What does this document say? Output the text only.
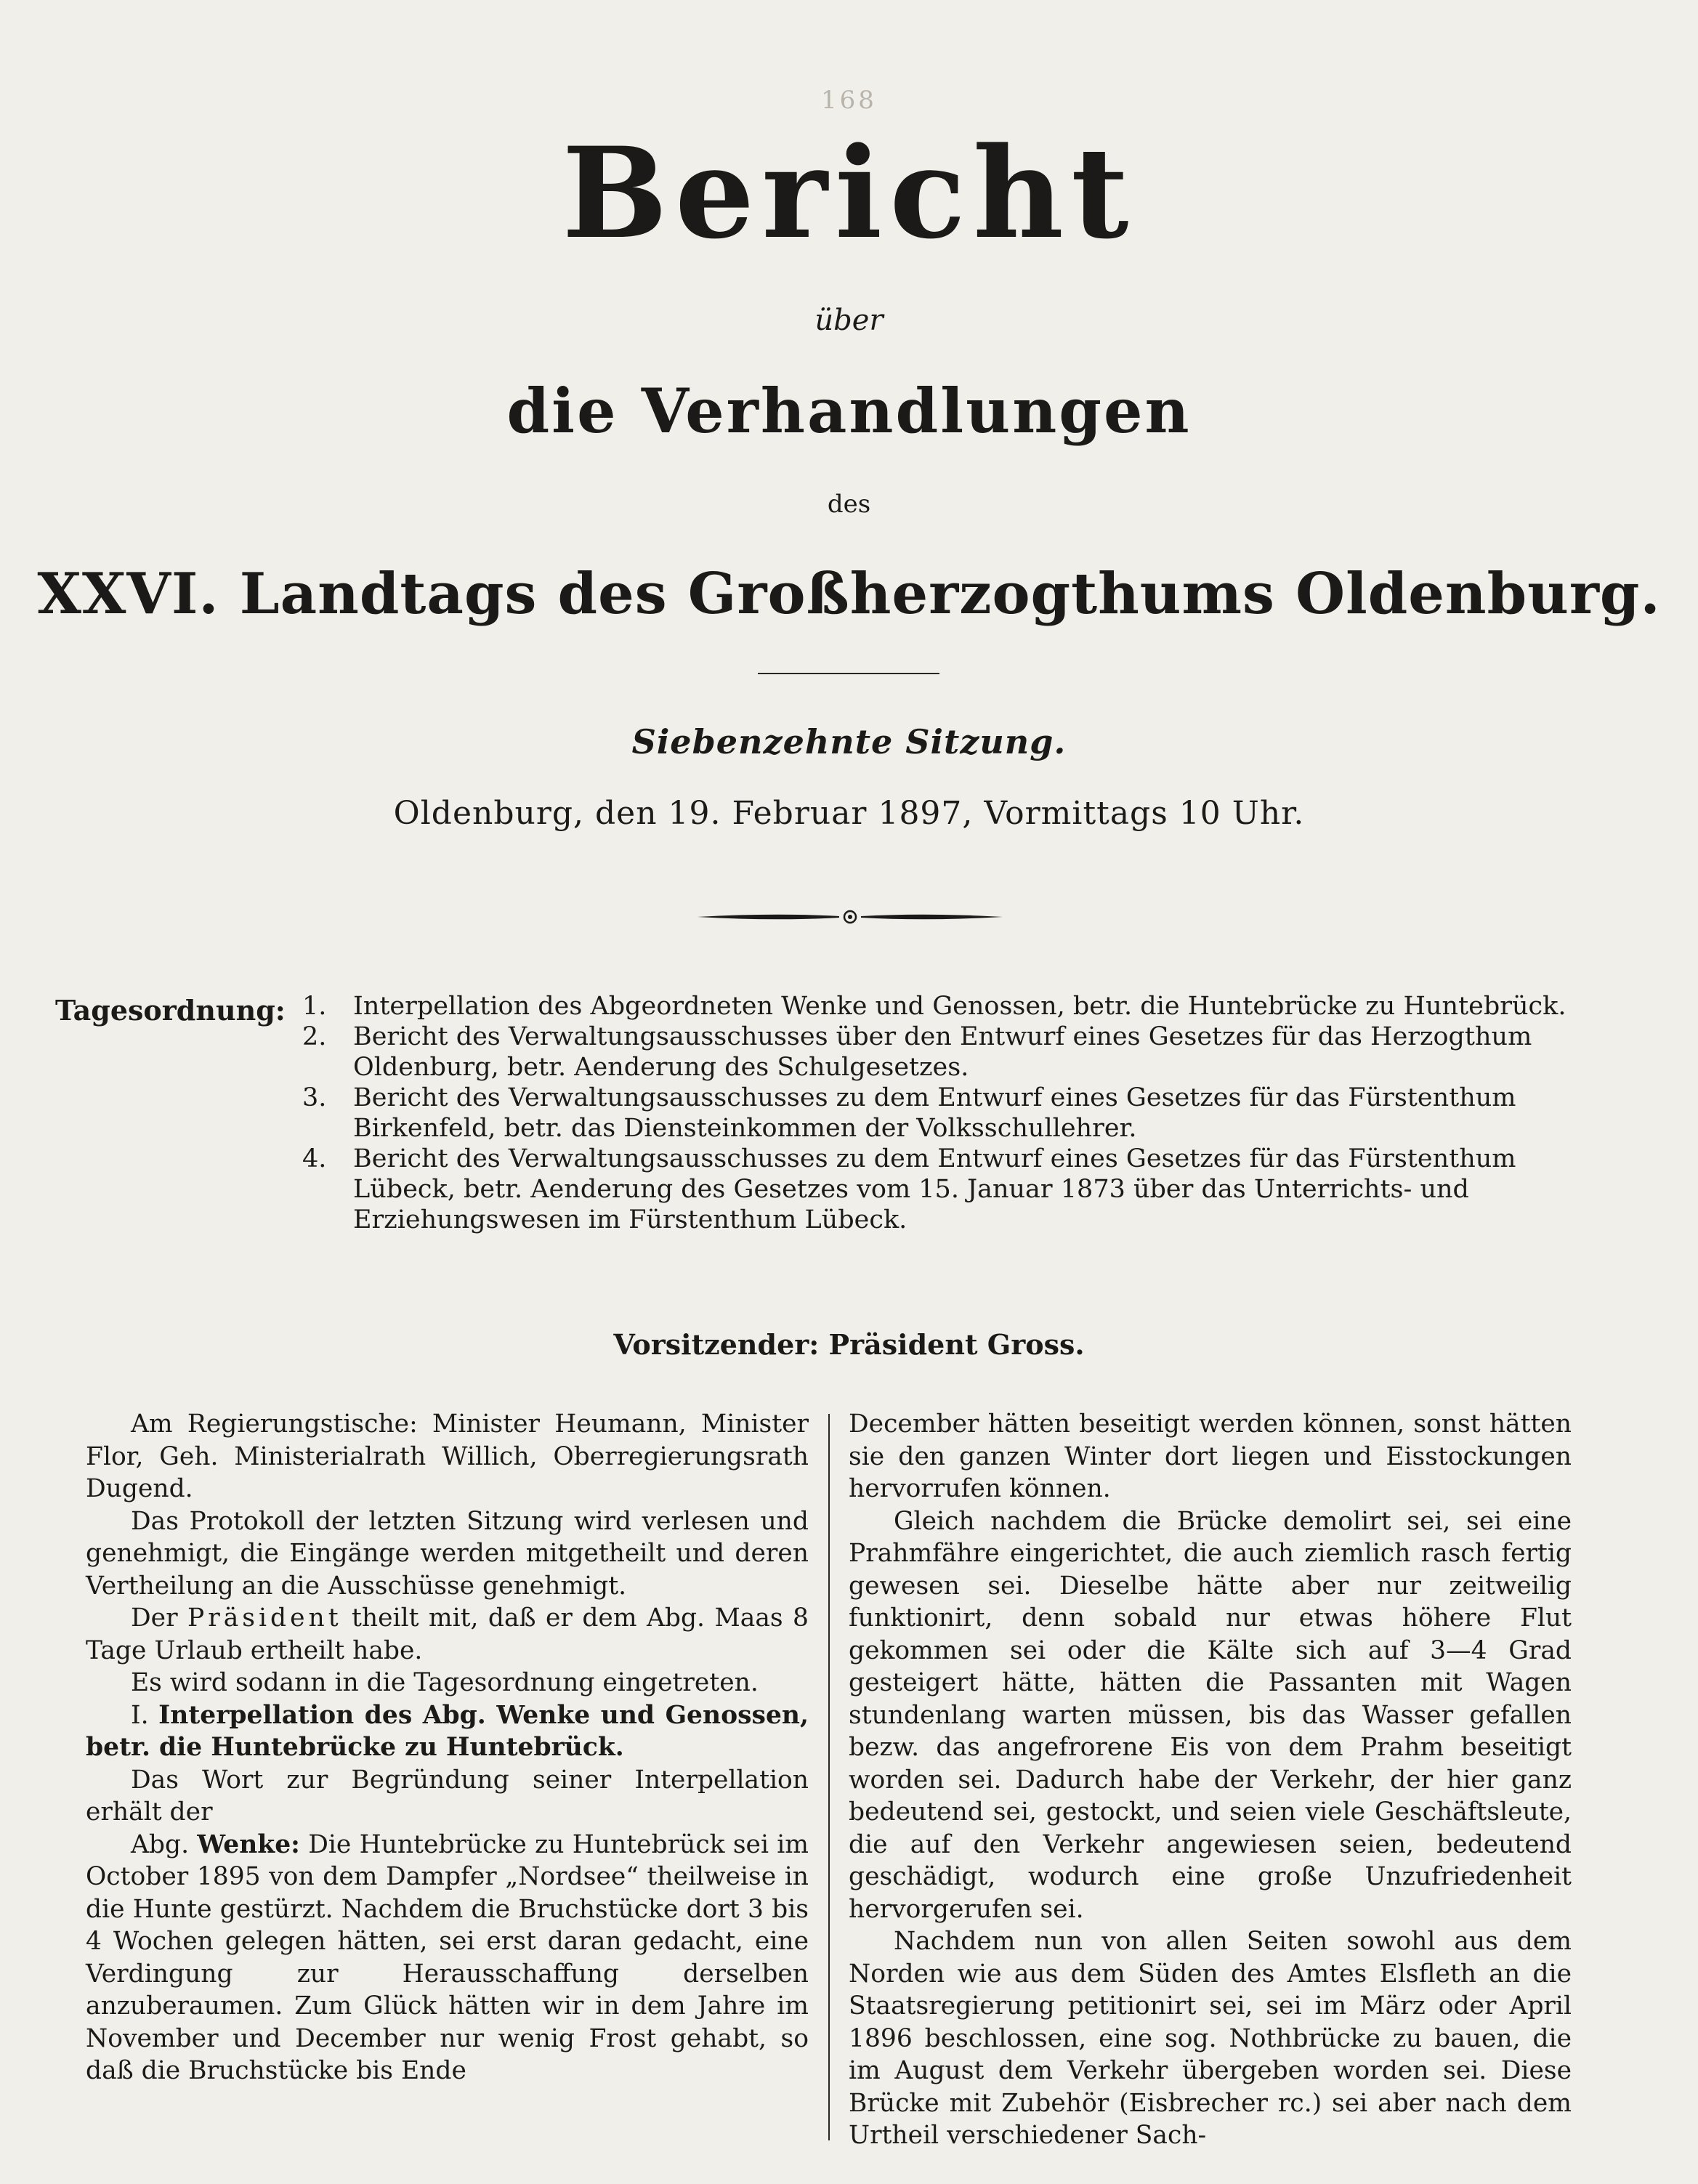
168
Bericht
über
die Verhandlungen
des
XXVI. Landtags des Großherzogthums Oldenburg.
Siebenzehnte Sitzung.
Oldenburg, den 19. Februar 1897, Vormittags 10 Uhr.
Tagesordnung: 1. Interpellation des Abgeordneten Wenke und Genossen, betr. die Huntebrücke zu Huntebrück.
2. Bericht des Verwaltungsausschusses über den Entwurf eines Gesetzes für das Herzogthum Oldenburg, betr. Aenderung des Schulgesetzes.
3. Bericht des Verwaltungsausschusses zu dem Entwurf eines Gesetzes für das Fürstenthum Birkenfeld, betr. das Diensteinkommen der Volksschullehrer.
4. Bericht des Verwaltungsausschusses zu dem Entwurf eines Gesetzes für das Fürstenthum Lübeck, betr. Aenderung des Gesetzes vom 15. Januar 1873 über das Unterrichts- und Erziehungswesen im Fürstenthum Lübeck.
Vorsitzender: Präsident Gross.

Am Regierungstische: Minister Heumann, Minister Flor, Geh. Ministerialrath Willich, Oberregierungsrath Dugend.

Das Protokoll der letzten Sitzung wird verlesen und genehmigt, die Eingänge werden mitgetheilt und deren Vertheilung an die Ausschüsse genehmigt.

Der Präsident theilt mit, daß er dem Abg. Maas 8 Tage Urlaub ertheilt habe.

Es wird sodann in die Tagesordnung eingetreten.

I. Interpellation des Abg. Wenke und Genossen, betr. die Huntebrücke zu Huntebrück.

Das Wort zur Begründung seiner Interpellation erhält der

Abg. Wenke: Die Huntebrücke zu Huntebrück sei im October 1895 von dem Dampfer „Nordsee“ theilweise in die Hunte gestürzt. Nachdem die Bruchstücke dort 3 bis 4 Wochen gelegen hätten, sei erst daran gedacht, eine Verdingung zur Herausschaffung derselben anzuberaumen. Zum Glück hätten wir in dem Jahre im November und December nur wenig Frost gehabt, so daß die Bruchstücke bis Ende

December hätten beseitigt werden können, sonst hätten sie den ganzen Winter dort liegen und Eisstockungen hervorrufen können.

Gleich nachdem die Brücke demolirt sei, sei eine Prahmfähre eingerichtet, die auch ziemlich rasch fertig gewesen sei. Dieselbe hätte aber nur zeitweilig funktionirt, denn sobald nur etwas höhere Flut gekommen sei oder die Kälte sich auf 3—4 Grad gesteigert hätte, hätten die Passanten mit Wagen stundenlang warten müssen, bis das Wasser gefallen bezw. das angefrorene Eis von dem Prahm beseitigt worden sei. Dadurch habe der Verkehr, der hier ganz bedeutend sei, gestockt, und seien viele Geschäftsleute, die auf den Verkehr angewiesen seien, bedeutend geschädigt, wodurch eine große Unzufriedenheit hervorgerufen sei.

Nachdem nun von allen Seiten sowohl aus dem Norden wie aus dem Süden des Amtes Elsfleth an die Staatsregierung petitionirt sei, sei im März oder April 1896 beschlossen, eine sog. Nothbrücke zu bauen, die im August dem Verkehr übergeben worden sei. Diese Brücke mit Zubehör (Eisbrecher rc.) sei aber nach dem Urtheil verschiedener Sach-
